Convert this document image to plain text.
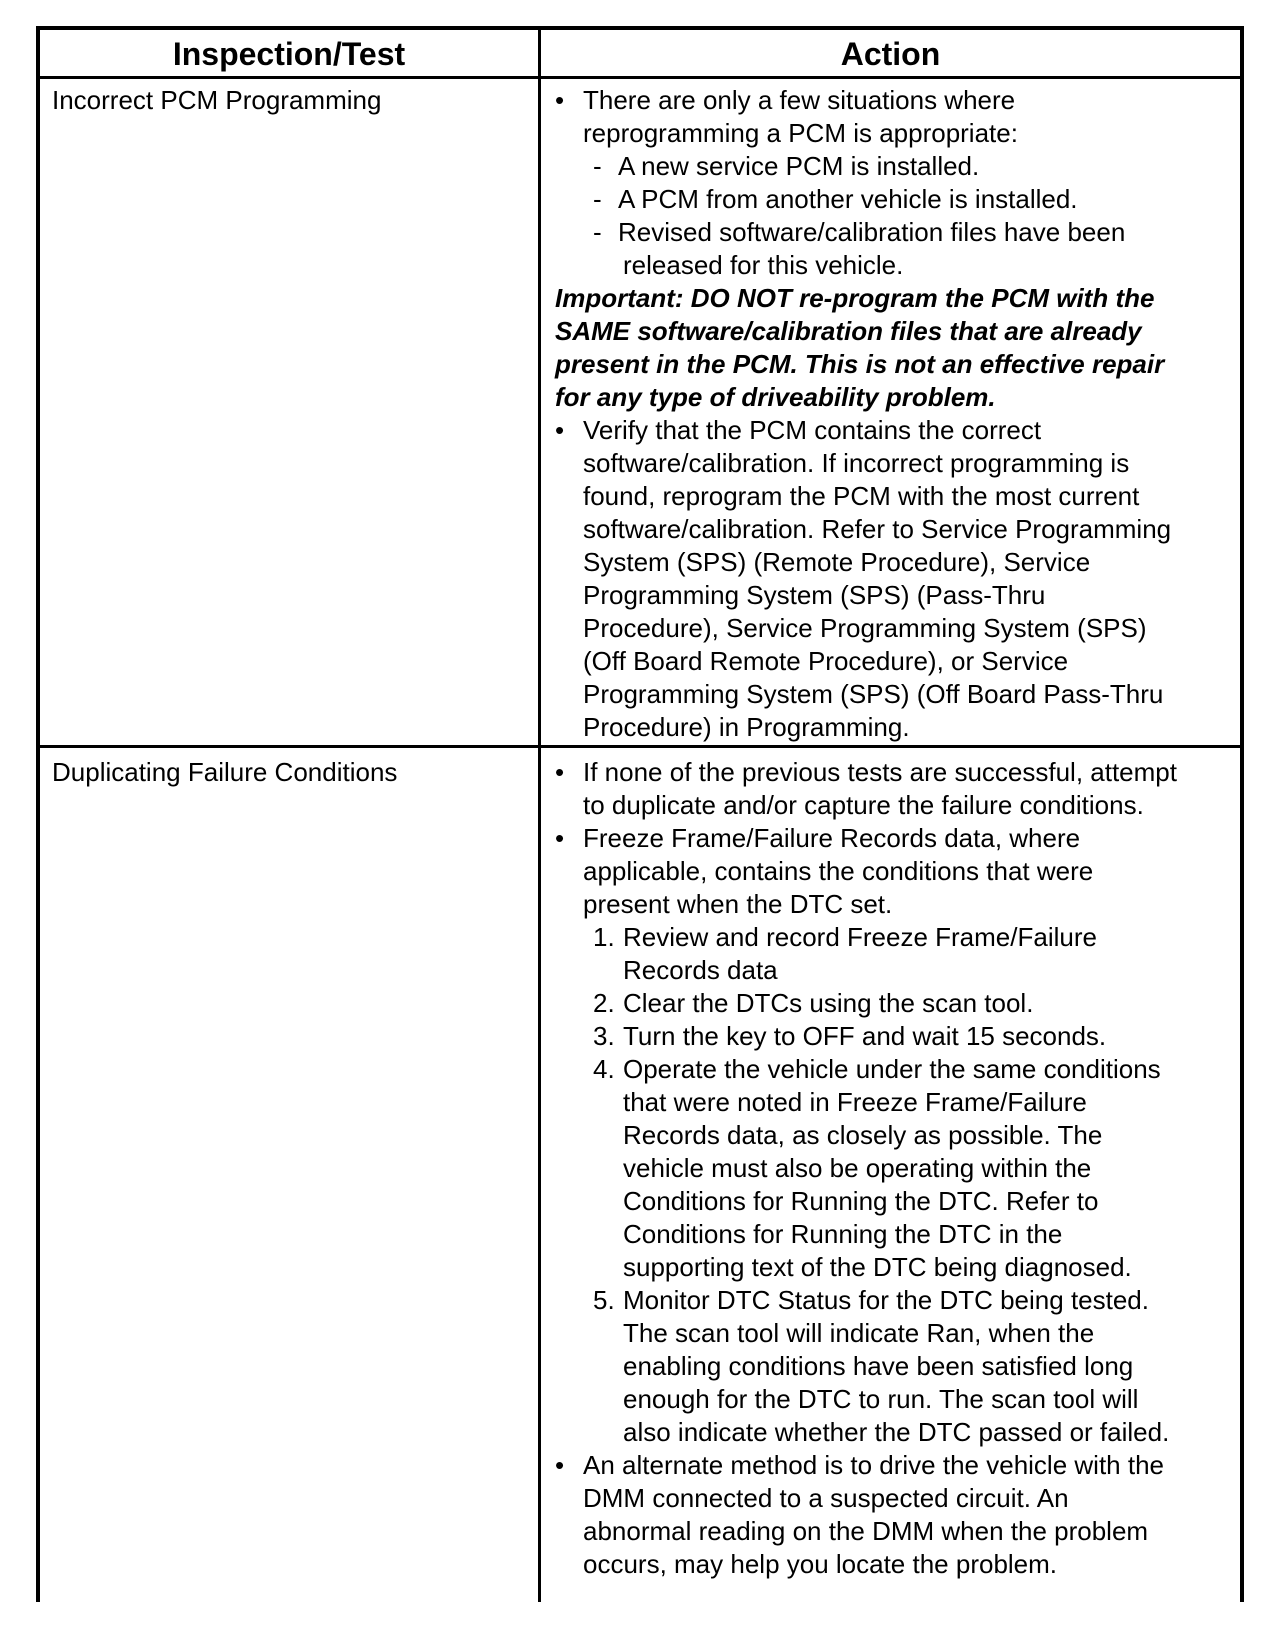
Inspection/Test	Action
Incorrect PCM Programming	• There are only a few situations where
reprogramming a PCM is appropriate:
- A new service PCM is installed.
- A PCM from another vehicle is installed.
- Revised software/calibration files have been
released for this vehicle.
Important: DO NOT re-program the PCM with the
SAME software/calibration files that are already
present in the PCM. This is not an effective repair
for any type of driveability problem.
• Verify that the PCM contains the correct
software/calibration. If incorrect programming is
found, reprogram the PCM with the most current
software/calibration. Refer to Service Programming
System (SPS) (Remote Procedure), Service
Programming System (SPS) (Pass-Thru
Procedure), Service Programming System (SPS)
(Off Board Remote Procedure), or Service
Programming System (SPS) (Off Board Pass-Thru
Procedure) in Programming.
Duplicating Failure Conditions	• If none of the previous tests are successful, attempt
to duplicate and/or capture the failure conditions.
• Freeze Frame/Failure Records data, where
applicable, contains the conditions that were
present when the DTC set.
1. Review and record Freeze Frame/Failure
Records data
2. Clear the DTCs using the scan tool.
3. Turn the key to OFF and wait 15 seconds.
4. Operate the vehicle under the same conditions
that were noted in Freeze Frame/Failure
Records data, as closely as possible. The
vehicle must also be operating within the
Conditions for Running the DTC. Refer to
Conditions for Running the DTC in the
supporting text of the DTC being diagnosed.
5. Monitor DTC Status for the DTC being tested.
The scan tool will indicate Ran, when the
enabling conditions have been satisfied long
enough for the DTC to run. The scan tool will
also indicate whether the DTC passed or failed.
• An alternate method is to drive the vehicle with the
DMM connected to a suspected circuit. An
abnormal reading on the DMM when the problem
occurs, may help you locate the problem.
